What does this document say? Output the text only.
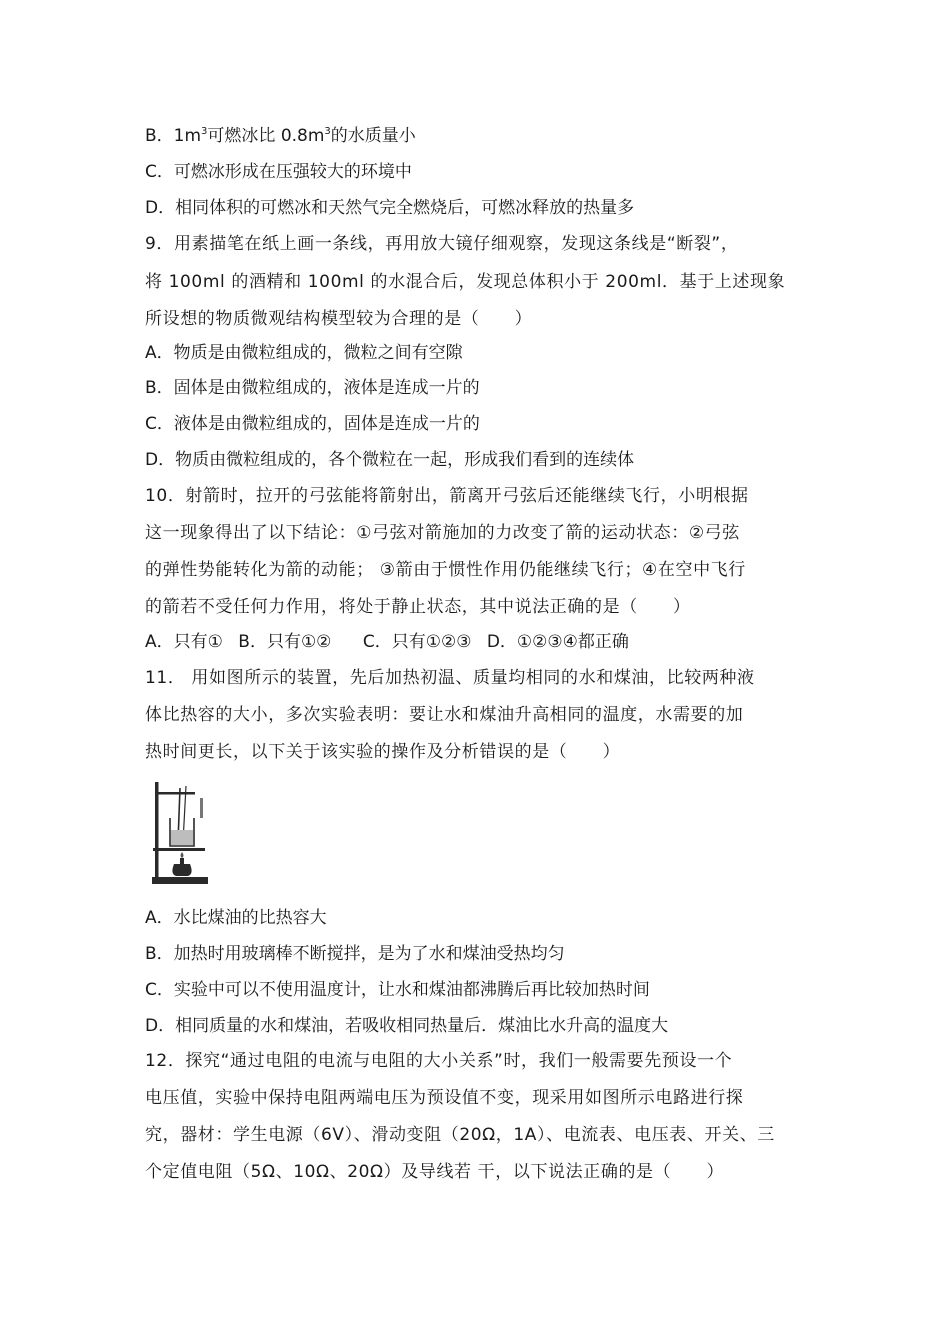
B．$1m^3$可燃冰比 $0.8m^3$的水质量小
C．可燃冰形成在压强较大的环境中
D．相同体积的可燃冰和天然气完全燃烧后，可燃冰释放的热量多
9．用素描笔在纸上画一条线，再用放大镜仔细观察，发现这条线是“断裂”，
将 100ml 的酒精和 100ml 的水混合后，发现总体积小于 200ml．基于上述现象
所设想的物质微观结构模型较为合理的是（　　）
A．物质是由微粒组成的，微粒之间有空隙
B．固体是由微粒组成的，液体是连成一片的
C．液体是由微粒组成的，固体是连成一片的
D．物质由微粒组成的，各个微粒在一起，形成我们看到的连续体
10．射箭时，拉开的弓弦能将箭射出，箭离开弓弦后还能继续飞行，小明根据
这一现象得出了以下结论：①弓弦对箭施加的力改变了箭的运动状态：②弓弦
的弹性势能转化为箭的动能； ③箭由于惯性作用仍能继续飞行；④在空中飞行
的箭若不受任何力作用，将处于静止状态，其中说法正确的是（　　）
A．只有① B．只有①② C．只有①②③ D．①②③④都正确
11． 用如图所示的装置，先后加热初温、质量均相同的水和煤油，比较两种液
体比热容的大小，多次实验表明：要让水和煤油升高相同的温度，水需要的加
热时间更长，以下关于该实验的操作及分析错误的是（　　）
A．水比煤油的比热容大
B．加热时用玻璃棒不断搅拌，是为了水和煤油受热均匀
C．实验中可以不使用温度计，让水和煤油都沸腾后再比较加热时间
D．相同质量的水和煤油，若吸收相同热量后．煤油比水升高的温度大
12．探究“通过电阻的电流与电阻的大小关系”时，我们一般需要先预设一个
电压值，实验中保持电阻两端电压为预设值不变，现采用如图所示电路进行探
究，器材：学生电源（6V）、滑动变阻（20Ω，1A）、电流表、电压表、开关、三
个定值电阻（5Ω、10Ω、20Ω）及导线若 干，以下说法正确的是（　　）
